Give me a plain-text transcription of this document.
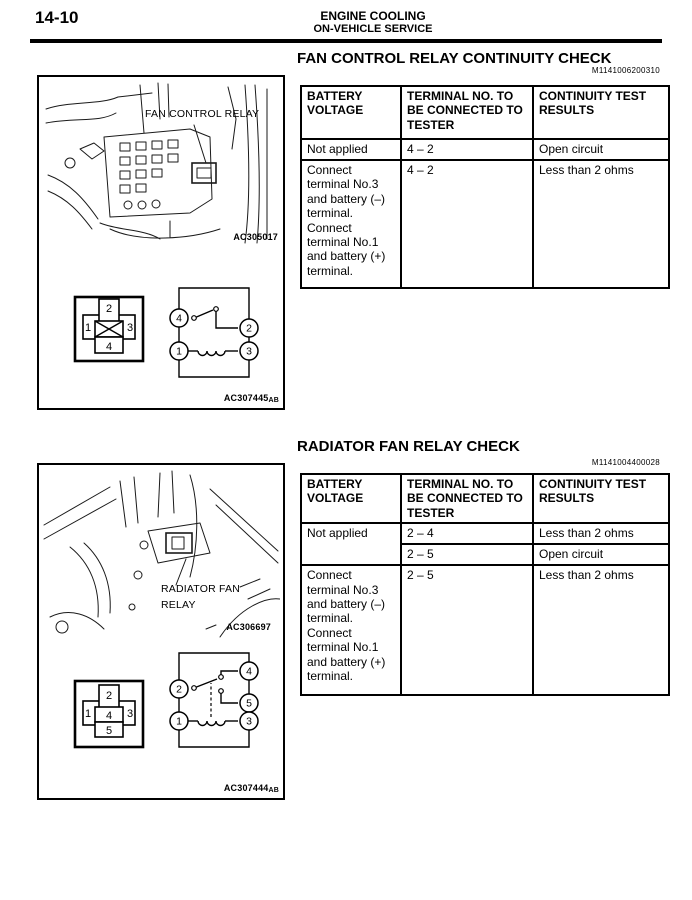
14-10	ENGINE COOLING
ON-VEHICLE SERVICE
FAN CONTROL RELAY CONTINUITY CHECK
M1141006200310
BATTERY VOLTAGE	TERMINAL NO. TO BE CONNECTED TO TESTER	CONTINUITY TEST RESULTS
Not applied	4 – 2	Open circuit
Connect terminal No.3 and battery (–) terminal. Connect terminal No.1 and battery (+) terminal.	4 – 2	Less than 2 ohms
FAN CONTROL RELAY
AC305017
1
2
3
4
4
2
1	3
AC307445AB
RADIATOR FAN RELAY CHECK
M1141004400028
BATTERY VOLTAGE	TERMINAL NO. TO BE CONNECTED TO TESTER	CONTINUITY TEST RESULTS
Not applied	2 – 4	Less than 2 ohms
	2 – 5	Open circuit
Connect terminal No.3 and battery (–) terminal. Connect terminal No.1 and battery (+) terminal.	2 – 5	Less than 2 ohms
RADIATOR FAN
RELAY
AC306697
1
2
3
4
5
2
4
5
1	3
AC307444AB
